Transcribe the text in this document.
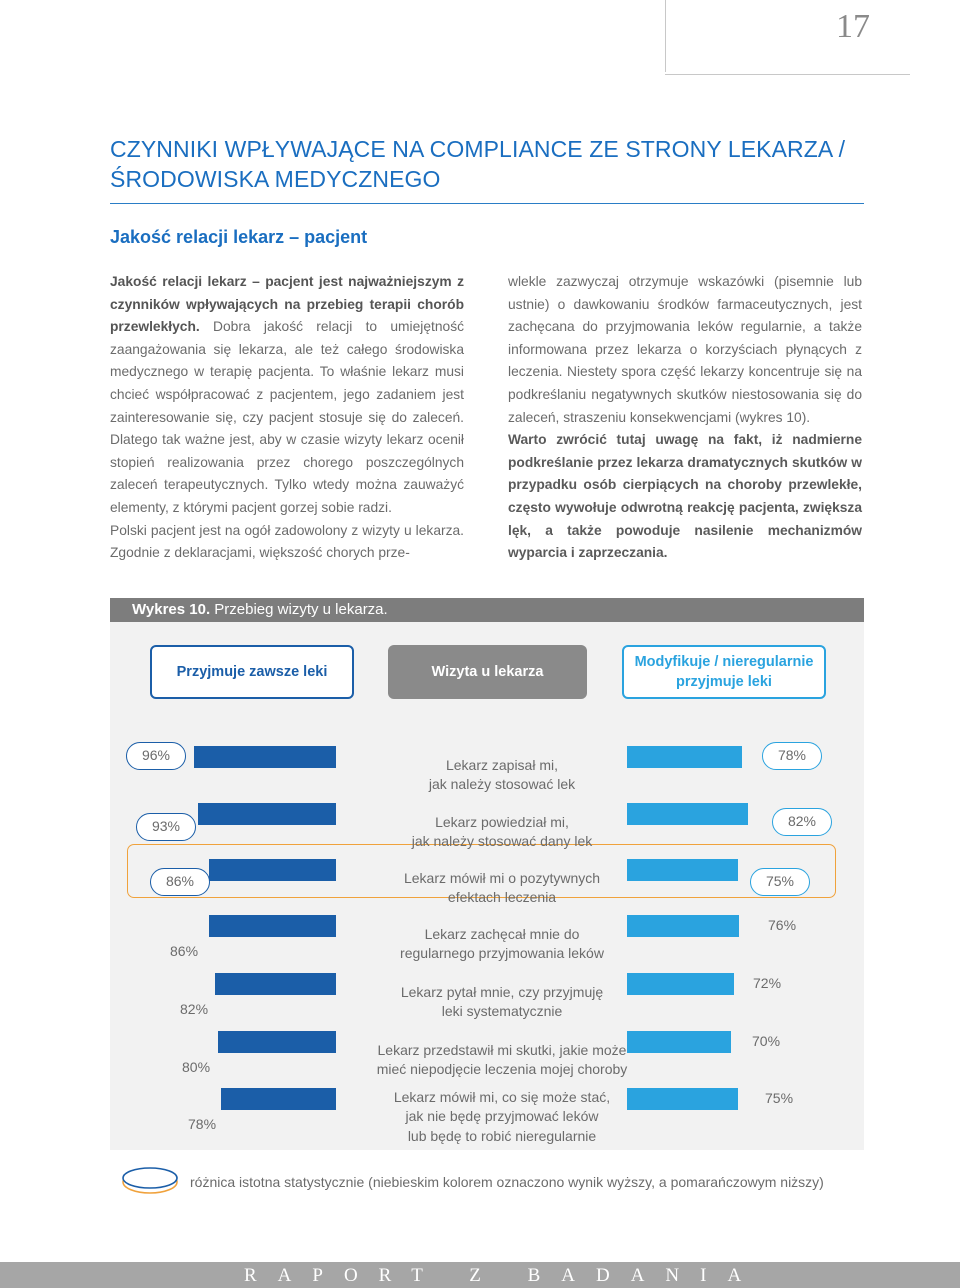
17
CZYNNIKI WPŁYWAJĄCE NA COMPLIANCE ZE STRONY LEKARZA / ŚRODOWISKA MEDYCZNEGO
Jakość relacji lekarz – pacjent

Jakość relacji lekarz – pacjent jest najważniejszym z czynników wpływających na przebieg terapii chorób przewlekłych. Dobra jakość relacji to umiejętność zaangażowania się lekarza, ale też całego środowiska medycznego w terapię pacjenta. To właśnie lekarz musi chcieć współpracować z pacjentem, jego zadaniem jest zainteresowanie się, czy pacjent stosuje się do zaleceń. Dlatego tak ważne jest, aby w czasie wizyty lekarz ocenił stopień realizowania przez chorego poszczególnych zaleceń terapeutycznych. Tylko wtedy można zauważyć elementy, z którymi pacjent gorzej sobie radzi.

Polski pacjent jest na ogół zadowolony z wizyty u lekarza. Zgodnie z deklaracjami, większość chorych prze-

wlekle zazwyczaj otrzymuje wskazówki (pisemnie lub ustnie) o dawkowaniu środków farmaceutycznych, jest zachęcana do przyjmowania leków regularnie, a także informowana przez lekarza o korzyściach płynących z leczenia. Niestety spora część lekarzy koncentruje się na podkreślaniu negatywnych skutków niestosowania się do zaleceń, straszeniu konsekwencjami (wykres 10).

Warto zwrócić tutaj uwagę na fakt, iż nadmierne podkreślanie przez lekarza dramatycznych skutków w przypadku osób cierpiących na choroby przewlekłe, często wywołuje odwrotną reakcję pacjenta, zwiększa lęk, a także powoduje nasilenie mechanizmów wyparcia i zaprzeczania.

Wykres 10. Przebieg wizyty u lekarza.
Przyjmuje zawsze leki	Wizyta u lekarza
Modyfikuje / nieregularnie przyjmuje leki
Lekarz zapisał mi,
jak należy stosować lek
96%	78%
Lekarz powiedział mi,
jak należy stosować dany lek
93%	82%
Lekarz mówił mi o pozytywnych
efektach leczenia
86%	75%
Lekarz zachęcał mnie do
regularnego przyjmowania leków
86%
76%
Lekarz pytał mnie, czy przyjmuję
leki systematycznie
82%
72%
Lekarz przedstawił mi skutki, jakie może
mieć niepodjęcie leczenia mojej choroby
80%
70%
Lekarz mówił mi, co się może stać,
jak nie będę przyjmować leków
lub będę to robić nieregularnie
78%
75%
różnica istotna statystycznie (niebieskim kolorem oznaczono wynik wyższy, a pomarańczowym niższy)
RAPORT Z BADANIA
